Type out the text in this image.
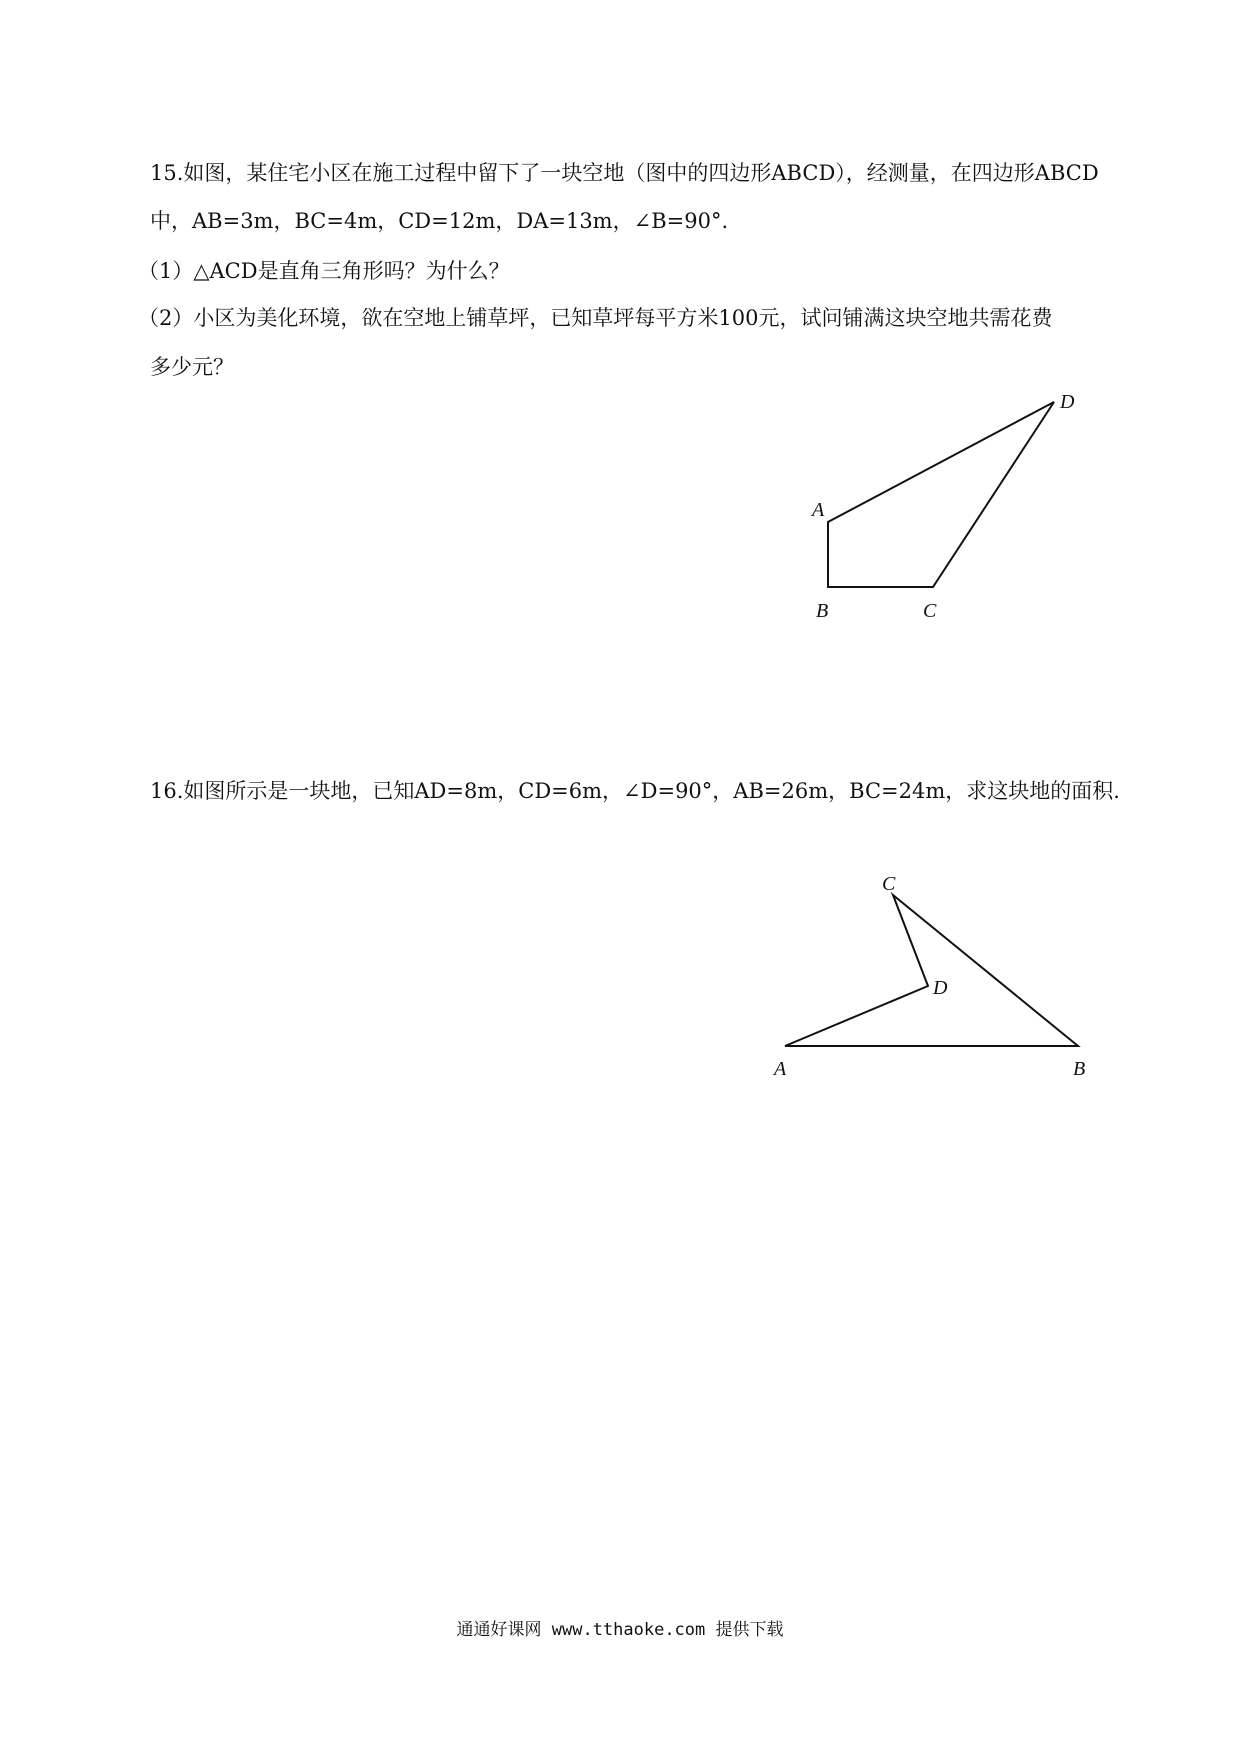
15.如图，某住宅小区在施工过程中留下了一块空地（图中的四边形ABCD），经测量，在四边形ABCD
中，AB=3m，BC=4m，CD=12m，DA=13m，∠B=90°.
（1）△ACD是直角三角形吗？为什么？
（2）小区为美化环境，欲在空地上铺草坪，已知草坪每平方米100元，试问铺满这块空地共需花费
多少元？
A
B	C
D
16.如图所示是一块地，已知AD=8m，CD=6m，∠D=90°，AB=26m，BC=24m，求这块地的面积.
A	B
C
D
通通好课网 www.tthaoke.com 提供下载
